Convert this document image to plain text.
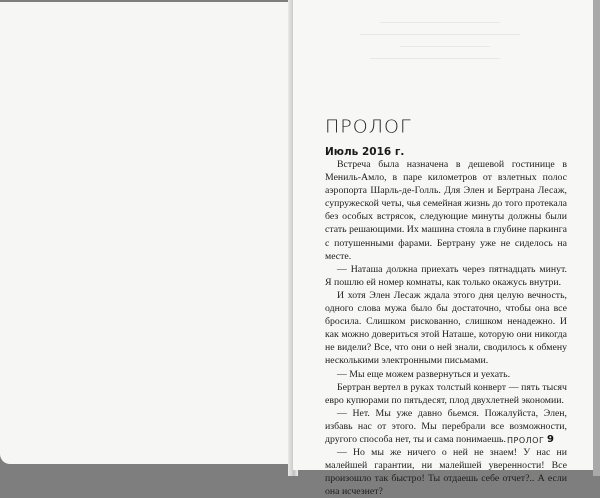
ПРОЛОГ
Июль 2016 г.

Встреча была назначена в дешевой гостинице в Мениль-Амло, в паре километров от взлетных полос аэропорта Шарль-де-Голль. Для Элен и Бертрана Лесаж, супружеской четы, чья семейная жизнь до того протекала без особых встрясок, следующие минуты должны были стать решающими. Их машина стояла в глубине паркинга с потушенными фарами. Бертрану уже не сиделось на месте.

— Наташа должна приехать через пятнадцать минут. Я пошлю ей номер комнаты, как только окажусь внутри.

И хотя Элен Лесаж ждала этого дня целую вечность, одного слова мужа было бы достаточно, чтобы она все бросила. Слишком рискованно, слишком ненадежно. И как можно довериться этой Наташе, которую они никогда не видели? Все, что они о ней знали, сводилось к обмену несколькими электронными письмами.

— Мы еще можем развернуться и уехать.

Бертран вертел в руках толстый конверт — пять тысяч евро купюрами по пятьдесят, плод двухлетней экономии.

— Нет. Мы уже давно бьемся. Пожалуйста, Элен, избавь нас от этого. Мы перебрали все возможности, другого способа нет, ты и сама понимаешь.

— Но мы же ничего о ней не знаем! У нас ни малейшей гарантии, ни малейшей уверенности! Все произошло так быстро! Ты отдаешь себе отчет?.. А если она исчезнет?

ПРОЛОГ 9
